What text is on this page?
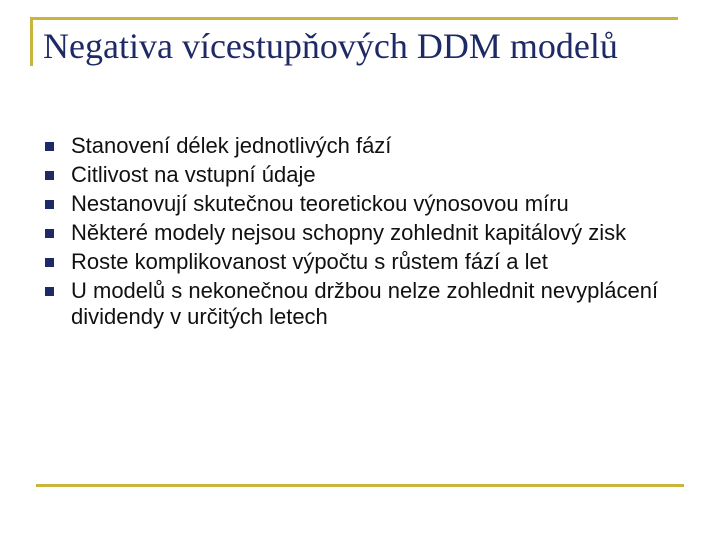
Negativa vícestupňových DDM modelů
Stanovení délek jednotlivých fází
Citlivost na vstupní údaje
Nestanovují skutečnou teoretickou výnosovou míru
Některé modely nejsou schopny zohlednit kapitálový zisk
Roste komplikovanost výpočtu s růstem fází a let
U modelů s nekonečnou držbou nelze zohlednit nevyplácení dividendy v určitých letech
